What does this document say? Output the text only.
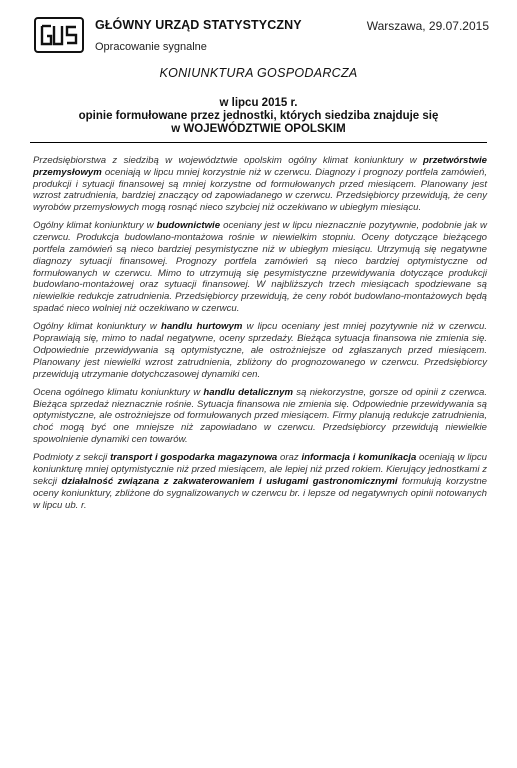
GŁÓWNY URZĄD STATYSTYCZNY	Warszawa, 29.07.2015
Opracowanie sygnalne
KONIUNKTURA GOSPODARCZA
w lipcu 2015 r.
opinie formułowane przez jednostki, których siedziba znajduje się
w WOJEWÓDZTWIE OPOLSKIM

Przedsiębiorstwa z siedzibą w województwie opolskim ogólny klimat koniunktury w przetwórstwie przemysłowym oceniają w lipcu mniej korzystnie niż w czerwcu. Diagnozy i prognozy portfela zamówień, produkcji i sytuacji finansowej są mniej korzystne od formułowanych przed miesiącem. Planowany jest wzrost zatrudnienia, bardziej znaczący od zapowiadanego w czerwcu. Przedsiębiorcy przewidują, że ceny wyrobów przemysłowych mogą rosnąć nieco szybciej niż oczekiwano w ubiegłym miesiącu.

Ogólny klimat koniunktury w budownictwie oceniany jest w lipcu nieznacznie pozytywnie, podobnie jak w czerwcu. Produkcja budowlano-montażowa rośnie w niewielkim stopniu. Oceny dotyczące bieżącego portfela zamówień są nieco bardziej pesymistyczne niż w ubiegłym miesiącu. Utrzymują się negatywne diagnozy sytuacji finansowej. Prognozy portfela zamówień są nieco bardziej optymistyczne od formułowanych w czerwcu. Mimo to utrzymują się pesymistyczne przewidywania dotyczące produkcji budowlano-montażowej oraz sytuacji finansowej. W najbliższych trzech miesiącach spodziewane są niewielkie redukcje zatrudnienia. Przedsiębiorcy przewidują, że ceny robót budowlano-montażowych będą spadać nieco wolniej niż oczekiwano w czerwcu.

Ogólny klimat koniunktury w handlu hurtowym w lipcu oceniany jest mniej pozytywnie niż w czerwcu. Poprawiają się, mimo to nadal negatywne, oceny sprzedaży. Bieżąca sytuacja finansowa nie zmienia się. Odpowiednie przewidywania są optymistyczne, ale ostrożniejsze od zgłaszanych przed miesiącem. Planowany jest niewielki wzrost zatrudnienia, zbliżony do prognozowanego w czerwcu. Przedsiębiorcy przewidują utrzymanie dotychczasowej dynamiki cen.

Ocena ogólnego klimatu koniunktury w handlu detalicznym są niekorzystne, gorsze od opinii z czerwca. Bieżąca sprzedaż nieznacznie rośnie. Sytuacja finansowa nie zmienia się. Odpowiednie przewidywania są optymistyczne, ale ostrożniejsze od formułowanych przed miesiącem. Firmy planują redukcje zatrudnienia, choć mogą być one mniejsze niż zapowiadano w czerwcu. Przedsiębiorcy przewidują niewielkie spowolnienie dynamiki cen towarów.

Podmioty z sekcji transport i gospodarka magazynowa oraz informacja i komunikacja oceniają w lipcu koniunkturę mniej optymistycznie niż przed miesiącem, ale lepiej niż przed rokiem. Kierujący jednostkami z sekcji działalność związana z zakwaterowaniem i usługami gastronomicznymi formułują korzystne oceny koniunktury, zbliżone do sygnalizowanych w czerwcu br. i lepsze od negatywnych opinii notowanych w lipcu ub. r.
